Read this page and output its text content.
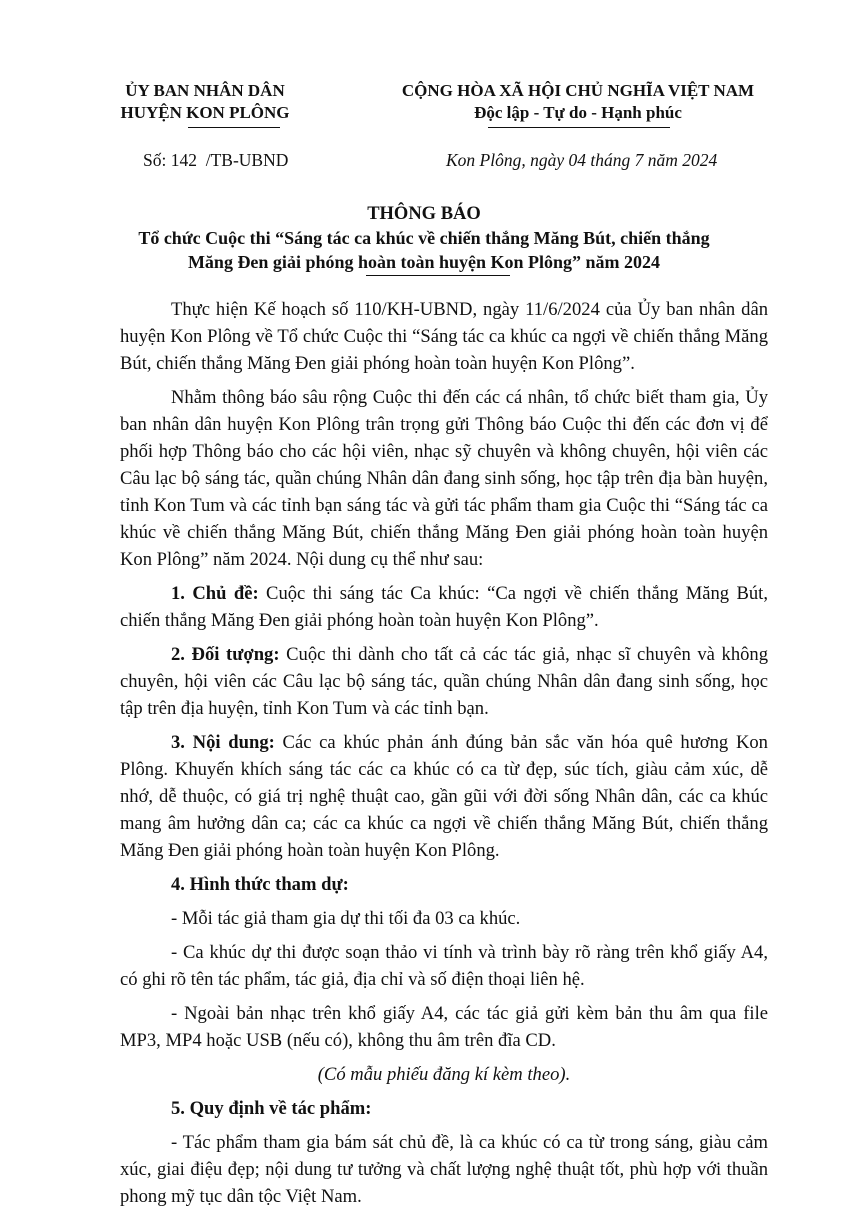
ỦY BAN NHÂN DÂN
HUYỆN KON PLÔNG
CỘNG HÒA XÃ HỘI CHỦ NGHĨA VIỆT NAM
Độc lập - Tự do - Hạnh phúc
Số: 142  /TB-UBND	Kon Plông, ngày 04 tháng 7 năm 2024
THÔNG BÁO
Tổ chức Cuộc thi “Sáng tác ca khúc về chiến thắng Măng Bút, chiến thắng
Măng Đen giải phóng hoàn toàn huyện Kon Plông” năm 2024

Thực hiện Kế hoạch số 110/KH-UBND, ngày 11/6/2024 của Ủy ban nhân dân huyện Kon Plông về Tổ chức Cuộc thi “Sáng tác ca khúc ca ngợi về chiến thắng Măng Bút, chiến thắng Măng Đen giải phóng hoàn toàn huyện Kon Plông”.

Nhằm thông báo sâu rộng Cuộc thi đến các cá nhân, tổ chức biết tham gia, Ủy ban nhân dân huyện Kon Plông trân trọng gửi Thông báo Cuộc thi đến các đơn vị để phối hợp Thông báo cho các hội viên, nhạc sỹ chuyên và không chuyên, hội viên các Câu lạc bộ sáng tác, quần chúng Nhân dân đang sinh sống, học tập trên địa bàn huyện, tỉnh Kon Tum và các tỉnh bạn sáng tác và gửi tác phẩm tham gia Cuộc thi “Sáng tác ca khúc về chiến thắng Măng Bút, chiến thắng Măng Đen giải phóng hoàn toàn huyện Kon Plông” năm 2024. Nội dung cụ thể như sau:

1. Chủ đề: Cuộc thi sáng tác Ca khúc: “Ca ngợi về chiến thắng Măng Bút, chiến thắng Măng Đen giải phóng hoàn toàn huyện Kon Plông”.

2. Đối tượng: Cuộc thi dành cho tất cả các tác giả, nhạc sĩ chuyên và không chuyên, hội viên các Câu lạc bộ sáng tác, quần chúng Nhân dân đang sinh sống, học tập trên địa huyện, tỉnh Kon Tum và các tỉnh bạn.

3. Nội dung: Các ca khúc phản ánh đúng bản sắc văn hóa quê hương Kon Plông. Khuyến khích sáng tác các ca khúc có ca từ đẹp, súc tích, giàu cảm xúc, dễ nhớ, dễ thuộc, có giá trị nghệ thuật cao, gần gũi với đời sống Nhân dân, các ca khúc mang âm hưởng dân ca; các ca khúc ca ngợi về chiến thắng Măng Bút, chiến thắng Măng Đen giải phóng hoàn toàn huyện Kon Plông.

4. Hình thức tham dự:

- Mỗi tác giả tham gia dự thi tối đa 03 ca khúc.

- Ca khúc dự thi được soạn thảo vi tính và trình bày rõ ràng trên khổ giấy A4, có ghi rõ tên tác phẩm, tác giả, địa chỉ và số điện thoại liên hệ.

- Ngoài bản nhạc trên khổ giấy A4, các tác giả gửi kèm bản thu âm qua file MP3, MP4 hoặc USB (nếu có), không thu âm trên đĩa CD.

(Có mẫu phiếu đăng kí kèm theo).

5. Quy định về tác phẩm:

- Tác phẩm tham gia bám sát chủ đề, là ca khúc có ca từ trong sáng, giàu cảm xúc, giai điệu đẹp; nội dung tư tưởng và chất lượng nghệ thuật tốt, phù hợp với thuần phong mỹ tục dân tộc Việt Nam.
